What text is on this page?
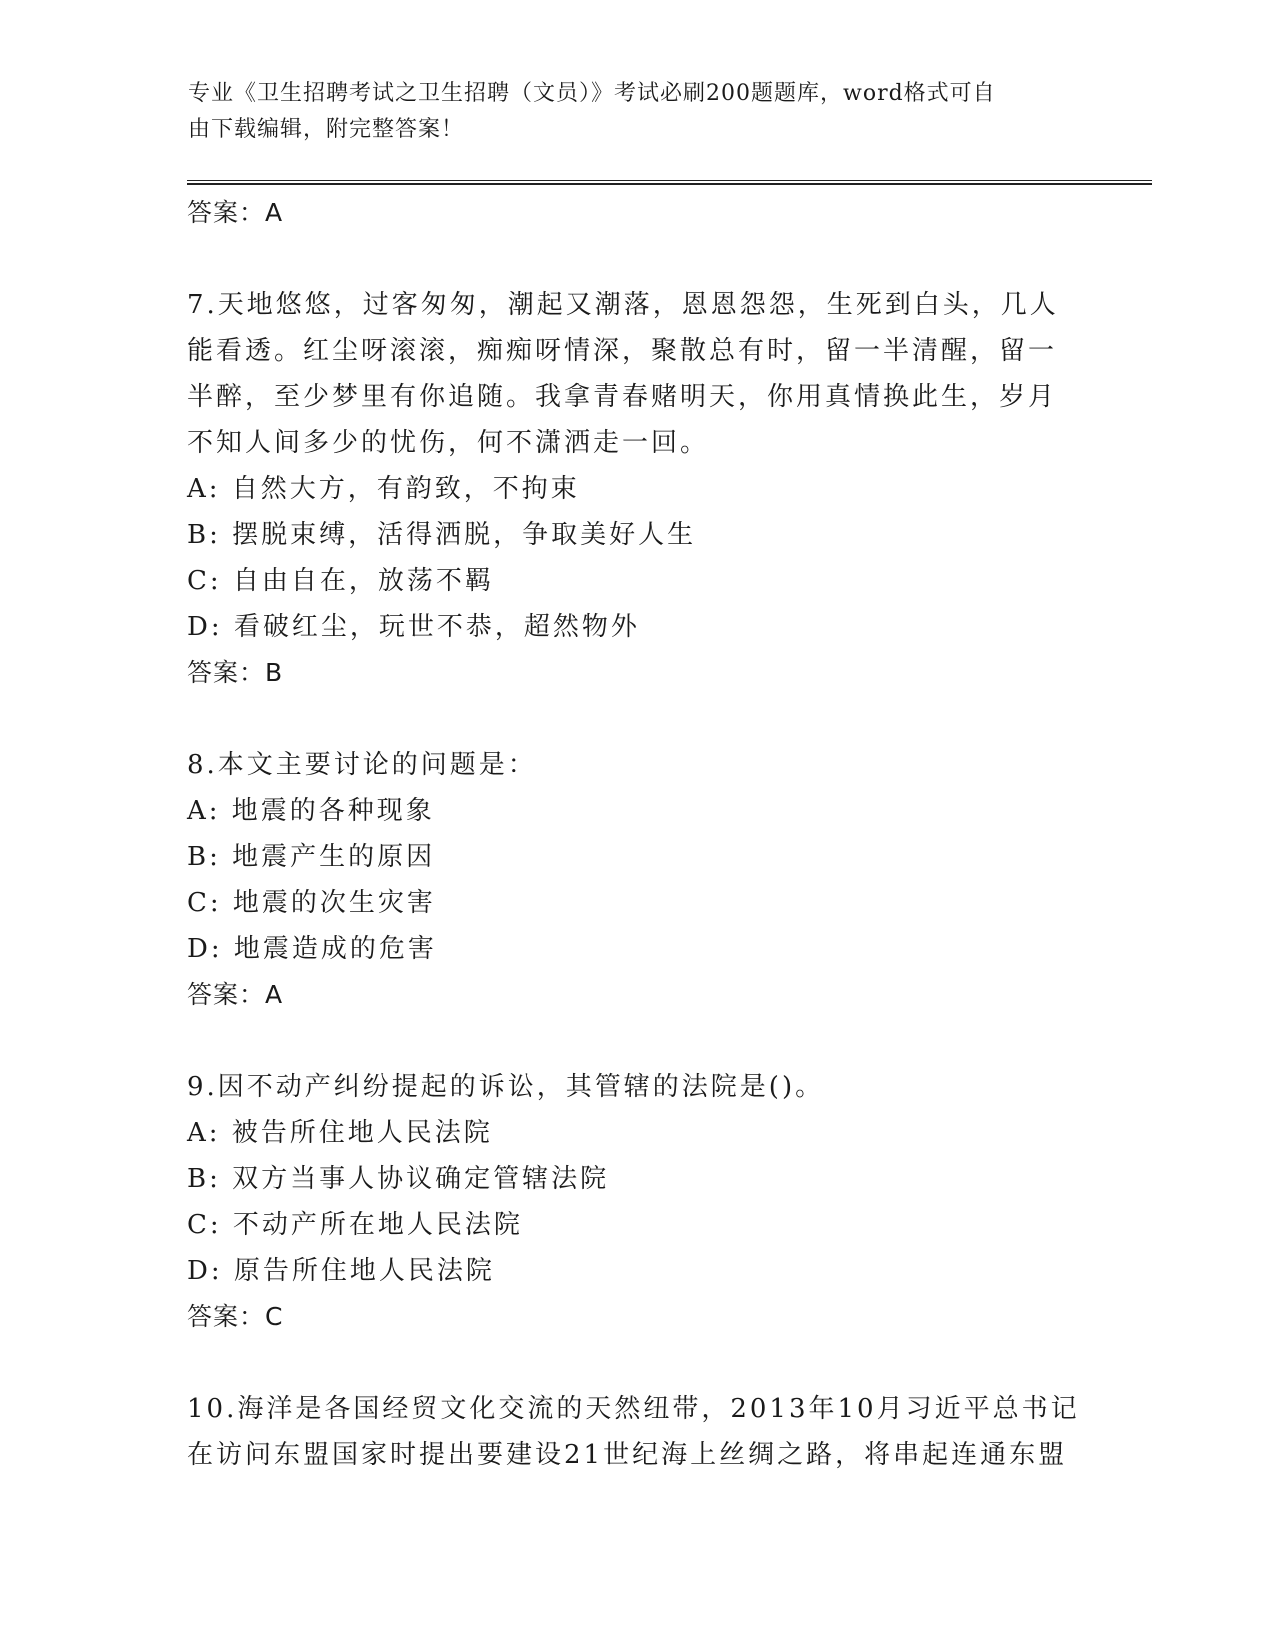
专业《卫生招聘考试之卫生招聘（文员）》考试必刷200题题库，word格式可自
由下载编辑，附完整答案！
答案：A
7.天地悠悠，过客匆匆，潮起又潮落，恩恩怨怨，生死到白头，几人
能看透。红尘呀滚滚，痴痴呀情深，聚散总有时，留一半清醒，留一
半醉，至少梦里有你追随。我拿青春赌明天，你用真情换此生，岁月
不知人间多少的忧伤，何不潇洒走一回。
A: 自然大方，有韵致，不拘束
B: 摆脱束缚，活得洒脱，争取美好人生
C: 自由自在，放荡不羁
D: 看破红尘，玩世不恭，超然物外
答案：B
8.本文主要讨论的问题是：
A: 地震的各种现象
B: 地震产生的原因
C: 地震的次生灾害
D: 地震造成的危害
答案：A
9.因不动产纠纷提起的诉讼，其管辖的法院是()。
A: 被告所住地人民法院
B: 双方当事人协议确定管辖法院
C: 不动产所在地人民法院
D: 原告所住地人民法院
答案：C
10.海洋是各国经贸文化交流的天然纽带，2013年10月习近平总书记
在访问东盟国家时提出要建设21世纪海上丝绸之路，将串起连通东盟
